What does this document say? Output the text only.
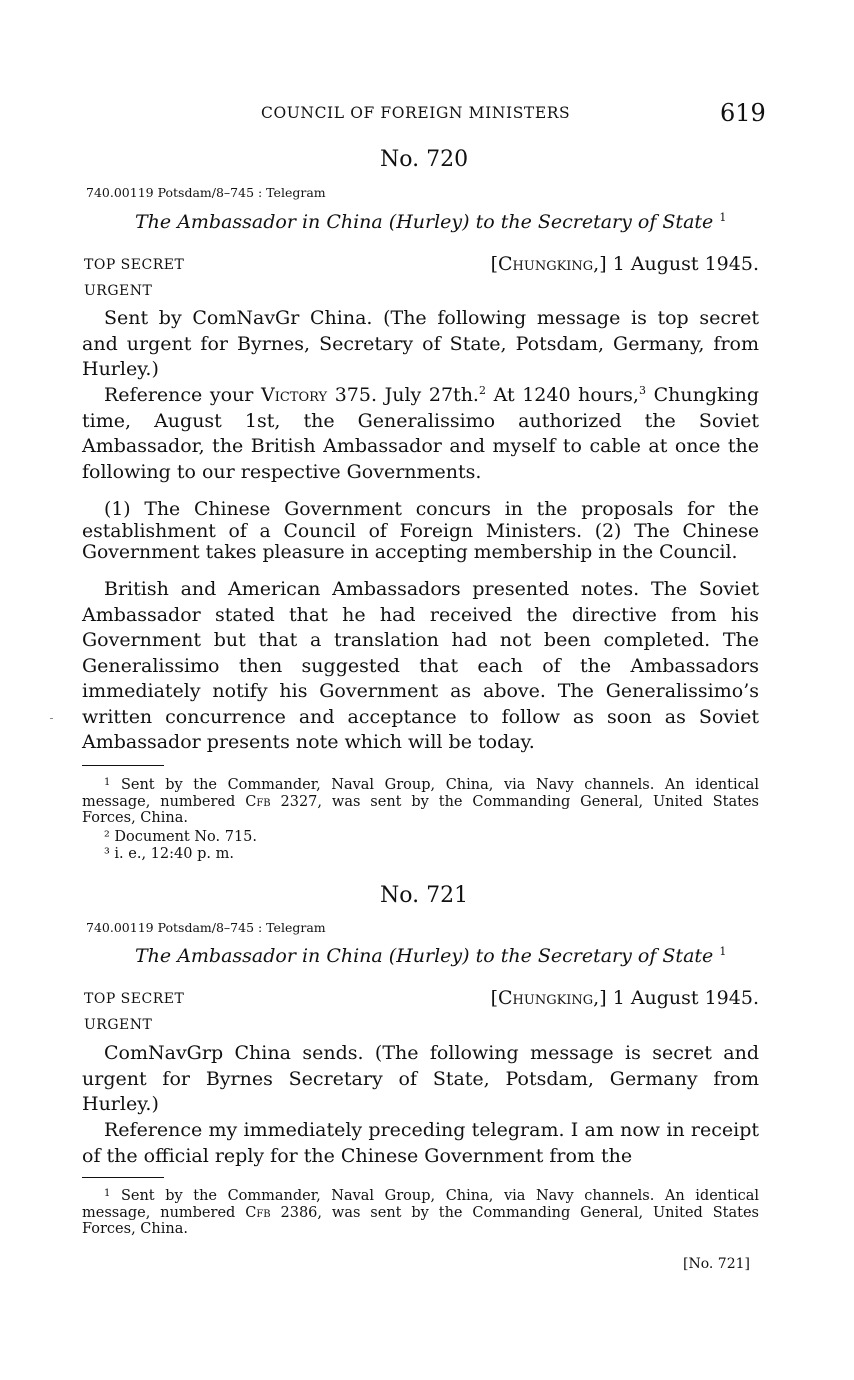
COUNCIL OF FOREIGN MINISTERS	619
No. 720
740.00119 Potsdam/8–745 : Telegram
The Ambassador in China (Hurley) to the Secretary of State $^1$
TOP SECRET
URGENT
[Chungking,] 1 August 1945.

Sent by ComNavGr China. (The following message is top secret and urgent for Byrnes, Secretary of State, Potsdam, Germany, from Hurley.)

Reference your Victory 375. July 27th.$^2$ At 1240 hours,$^3$ Chungking time, August 1st, the Generalissimo authorized the Soviet Ambassador, the British Ambassador and myself to cable at once the following to our respective Governments.

(1) The Chinese Government concurs in the proposals for the establishment of a Council of Foreign Ministers. (2) The Chinese Government takes pleasure in accepting membership in the Council.

British and American Ambassadors presented notes. The Soviet Ambassador stated that he had received the directive from his Government but that a translation had not been completed. The Generalissimo then suggested that each of the Ambassadors immediately notify his Government as above. The Generalissimo’s written concurrence and acceptance to follow as soon as Soviet Ambassador presents note which will be today.

$^1$ Sent by the Commander, Naval Group, China, via Navy channels. An identical message, numbered Cfb 2327, was sent by the Commanding General, United States Forces, China.

² Document No. 715.

³ i. e., 12:40 p. m.

No. 721
740.00119 Potsdam/8–745 : Telegram
The Ambassador in China (Hurley) to the Secretary of State $^1$
TOP SECRET
URGENT
[Chungking,] 1 August 1945.

ComNavGrp China sends. (The following message is secret and urgent for Byrnes Secretary of State, Potsdam, Germany from Hurley.)

Reference my immediately preceding telegram. I am now in receipt of the official reply for the Chinese Government from the

$^1$ Sent by the Commander, Naval Group, China, via Navy channels. An identical message, numbered Cfb 2386, was sent by the Commanding General, United States Forces, China.

[No. 721]
